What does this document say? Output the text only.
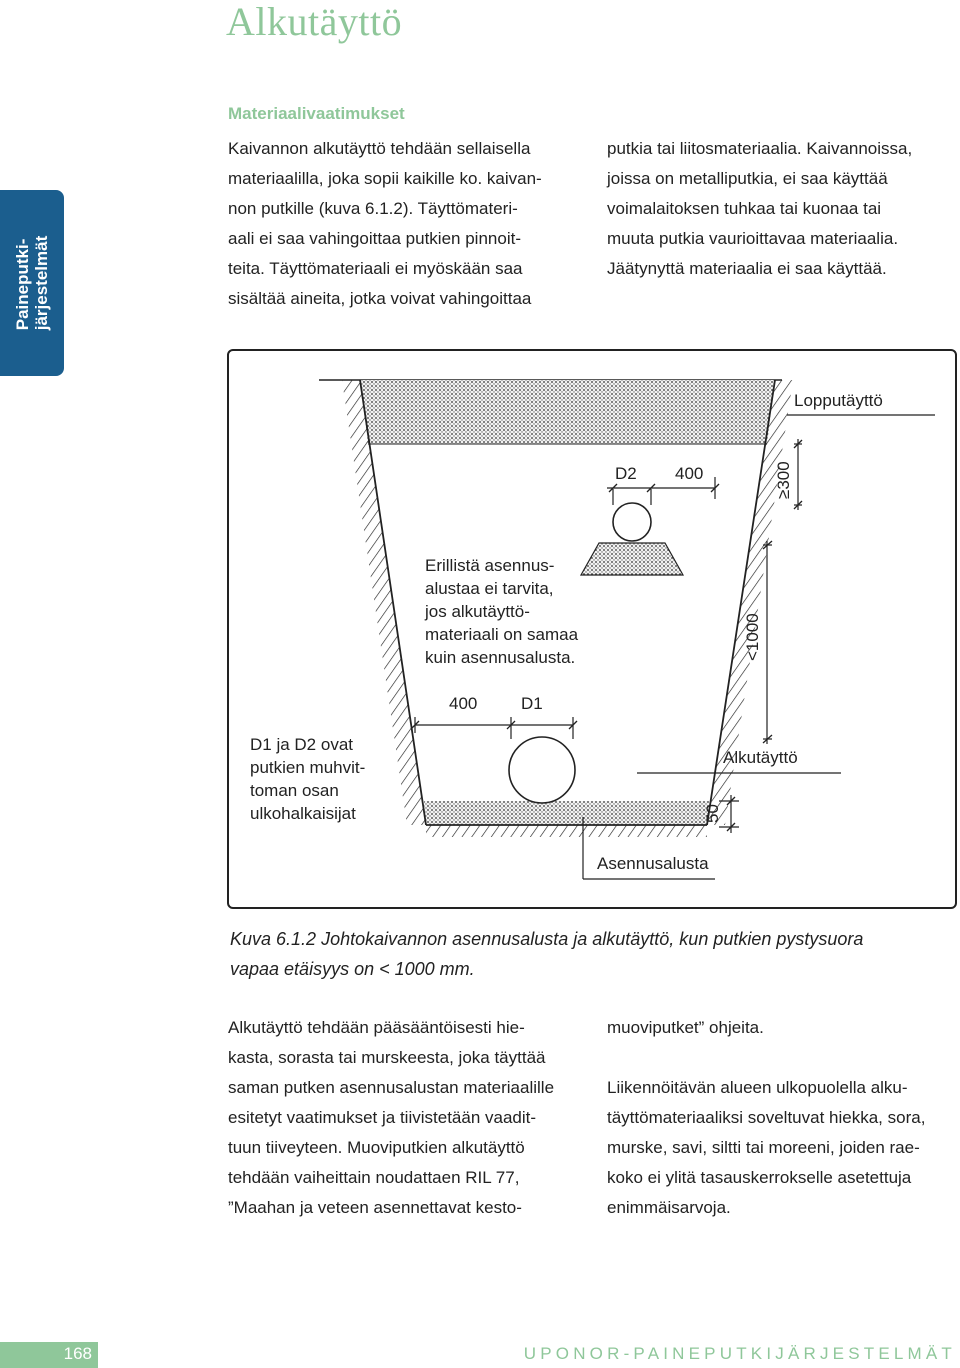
Alkutäyttö
Paineputki- järjestelmät
Materiaalivaatimukset

Kaivannon alkutäyttö tehdään sellaisella

materiaalilla, joka sopii kaikille ko. kaivan-

non putkille (kuva 6.1.2). Täyttömateri-

aali ei saa vahingoittaa putkien pinnoit-

teita. Täyttömateriaali ei myöskään saa

sisältää aineita, jotka voivat vahingoittaa

putkia tai liitosmateriaalia. Kaivannoissa,

joissa on metalliputkia, ei saa käyttää

voimalaitoksen tuhkaa tai kuonaa tai

muuta putkia vaurioittavaa materiaalia.

Jäätynyttä materiaalia ei saa käyttää.

Lopputäyttö
D2 400	≥300
Erillistä asennus- alustaa ei tarvita, jos alkutäyttö- materiaali on samaa kuin asennusalusta.	<1000
400	D1
Alkutäyttö
50
Asennusalusta
D1 ja D2 ovat putkien muhvit- toman osan ulkohalkaisijat
Kuva 6.1.2 Johtokaivannon asennusalusta ja alkutäyttö, kun putkien pystysuora
vapaa etäisyys on < 1000 mm.

Alkutäyttö tehdään pääsääntöisesti hie-

kasta, sorasta tai murskeesta, joka täyttää

saman putken asennusalustan materiaalille

esitetyt vaatimukset ja tiivistetään vaadit-

tuun tiiveyteen. Muoviputkien alkutäyttö

tehdään vaiheittain noudattaen RIL 77,

”Maahan ja veteen asennettavat kesto-

muoviputket” ohjeita.

Liikennöitävän alueen ulkopuolella alku-

täyttömateriaaliksi soveltuvat hiekka, sora,

murske, savi, siltti tai moreeni, joiden rae-

koko ei ylitä tasauskerrokselle asetettuja

enimmäisarvoja.

168	UPONOR-PAINEPUTKIJÄRJESTELMÄT
